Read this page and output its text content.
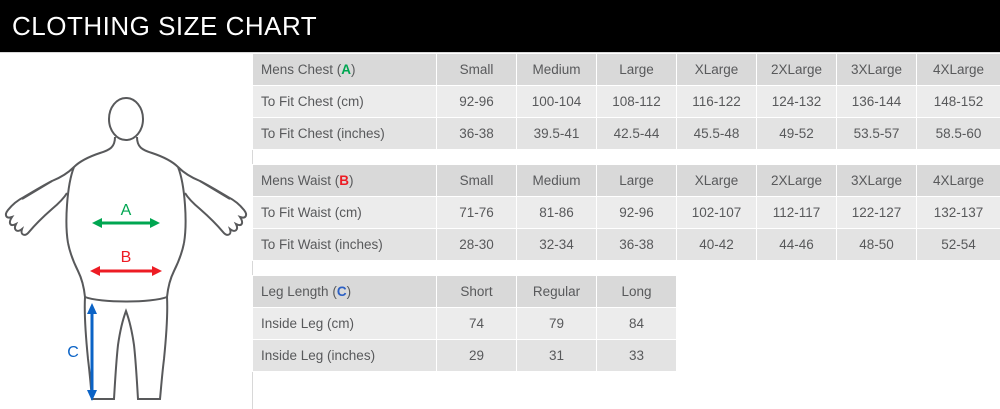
CLOTHING SIZE CHART
A
B
C
Mens Chest (A)	Small	Medium	Large	XLarge	2XLarge	3XLarge	4XLarge
To Fit Chest (cm)	92-96	100-104	108-112	116-122	124-132	136-144	148-152
To Fit Chest (inches)	36-38	39.5-41	42.5-44	45.5-48	49-52	53.5-57	58.5-60
Mens Waist (B)	Small	Medium	Large	XLarge	2XLarge	3XLarge	4XLarge
To Fit Waist (cm)	71-76	81-86	92-96	102-107	112-117	122-127	132-137
To Fit Waist (inches)	28-30	32-34	36-38	40-42	44-46	48-50	52-54
Leg Length (C)	Short	Regular	Long	
Inside Leg (cm)	74	79	84	
Inside Leg (inches)	29	31	33	
